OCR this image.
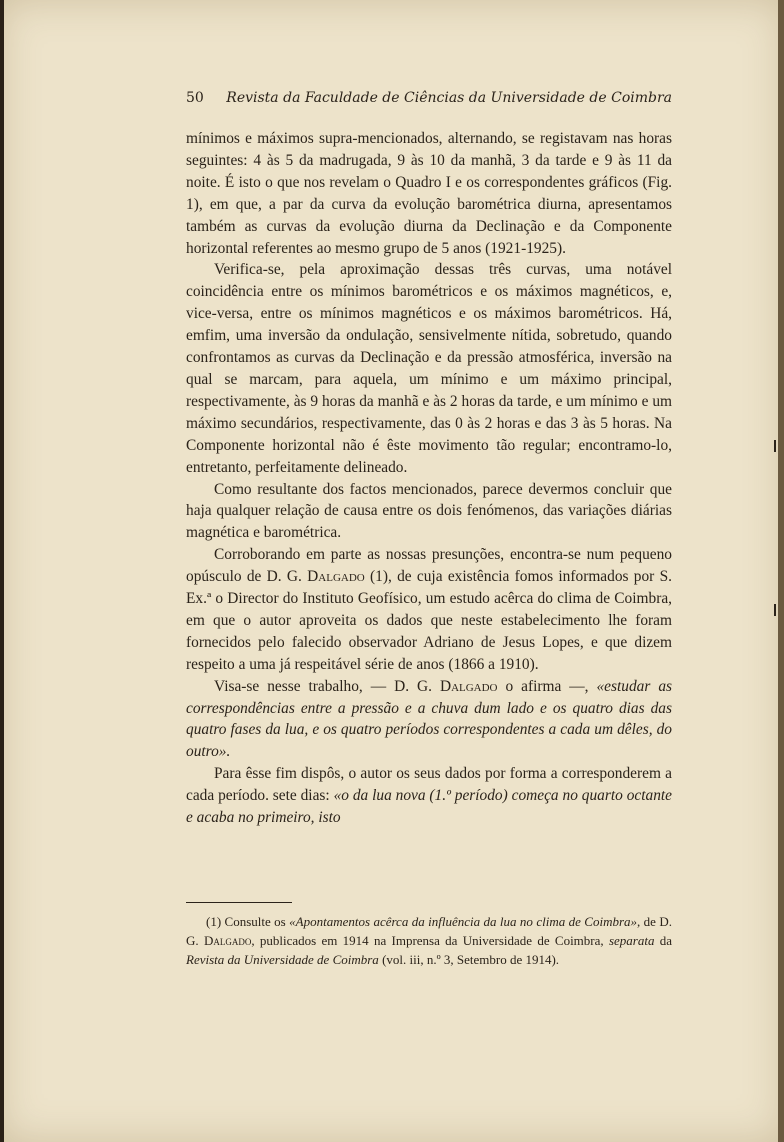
50 Revista da Faculdade de Ciências da Universidade de Coimbra

mínimos e máximos supra-mencionados, alternando, se registavam nas horas seguintes: 4 às 5 da madrugada, 9 às 10 da manhã, 3 da tarde e 9 às 11 da noite. É isto o que nos revelam o Quadro I e os correspondentes gráficos (Fig. 1), em que, a par da curva da evolução barométrica diurna, apresentamos também as curvas da evolução diurna da Declinação e da Componente horizontal referentes ao mesmo grupo de 5 anos (1921-1925).

Verifica-se, pela aproximação dessas três curvas, uma notável coincidência entre os mínimos barométricos e os máximos magnéticos, e, vice-versa, entre os mínimos magnéticos e os máximos barométricos. Há, emfim, uma inversão da ondulação, sensivelmente nítida, sobretudo, quando confrontamos as curvas da Declinação e da pressão atmosférica, inversão na qual se marcam, para aquela, um mínimo e um máximo principal, respectivamente, às 9 horas da manhã e às 2 horas da tarde, e um mínimo e um máximo secundários, respectivamente, das 0 às 2 horas e das 3 às 5 horas. Na Componente horizontal não é êste movimento tão regular; encontramo-lo, entretanto, perfeitamente delineado.

Como resultante dos factos mencionados, parece devermos concluir que haja qualquer relação de causa entre os dois fenómenos, das variações diárias magnética e barométrica.

Corroborando em parte as nossas presunções, encontra-se num pequeno opúsculo de D. G. Dalgado (1), de cuja existência fomos informados por S. Ex.ª o Director do Instituto Geofísico, um estudo acêrca do clima de Coimbra, em que o autor aproveita os dados que neste estabelecimento lhe foram fornecidos pelo falecido observador Adriano de Jesus Lopes, e que dizem respeito a uma já respeitável série de anos (1866 a 1910).

Visa-se nesse trabalho, — D. G. Dalgado o afirma —, «estudar as correspondências entre a pressão e a chuva dum lado e os quatro dias das quatro fases da lua, e os quatro períodos correspondentes a cada um dêles, do outro».

Para êsse fim dispôs, o autor os seus dados por forma a corresponderem a cada período. sete dias: «o da lua nova (1.º período) começa no quarto octante e acaba no primeiro, isto

(1) Consulte os «Apontamentos acêrca da influência da lua no clima de Coimbra», de D. G. Dalgado, publicados em 1914 na Imprensa da Universidade de Coimbra, separata da Revista da Universidade de Coimbra (vol. iii, n.º 3, Setembro de 1914).
